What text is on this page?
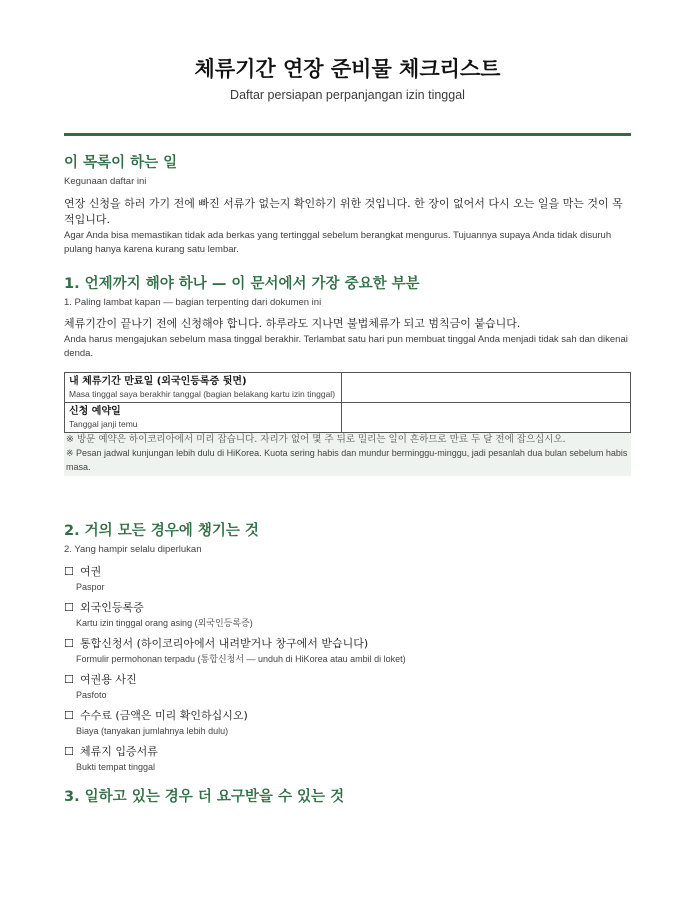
체류기간 연장 준비물 체크리스트
Daftar persiapan perpanjangan izin tinggal
이 목록이 하는 일
Kegunaan daftar ini
연장 신청을 하러 가기 전에 빠진 서류가 없는지 확인하기 위한 것입니다. 한 장이 없어서 다시 오는 일을 막는 것이 목적입니다.
Agar Anda bisa memastikan tidak ada berkas yang tertinggal sebelum berangkat mengurus. Tujuannya supaya Anda tidak disuruh pulang hanya karena kurang satu lembar.
1. 언제까지 해야 하나 — 이 문서에서 가장 중요한 부분
1. Paling lambat kapan — bagian terpenting dari dokumen ini
체류기간이 끝나기 전에 신청해야 합니다. 하루라도 지나면 불법체류가 되고 범칙금이 붙습니다.
Anda harus mengajukan sebelum masa tinggal berakhir. Terlambat satu hari pun membuat tinggal Anda menjadi tidak sah dan dikenai denda.
내 체류기간 만료일 (외국인등록증 뒷면)
Masa tinggal saya berakhir tanggal (bagian belakang kartu izin tinggal)	

신청 예약일
Tanggal janji temu	

※ 방문 예약은 하이코리아에서 미리 잡습니다. 자리가 없어 몇 주 뒤로 밀리는 일이 흔하므로 만료 두 달 전에 잡으십시오.
※ Pesan jadwal kunjungan lebih dulu di HiKorea. Kuota sering habis dan mundur berminggu-minggu, jadi pesanlah dua bulan sebelum habis masa.
2. 거의 모든 경우에 챙기는 것
2. Yang hampir selalu diperlukan
☐ 여권
Paspor
☐ 외국인등록증
Kartu izin tinggal orang asing (외국인등록증)
☐ 통합신청서 (하이코리아에서 내려받거나 창구에서 받습니다)
Formulir permohonan terpadu (통합신청서 — unduh di HiKorea atau ambil di loket)
☐ 여권용 사진
Pasfoto
☐ 수수료 (금액은 미리 확인하십시오)
Biaya (tanyakan jumlahnya lebih dulu)
☐ 체류지 입증서류
Bukti tempat tinggal
3. 일하고 있는 경우 더 요구받을 수 있는 것
